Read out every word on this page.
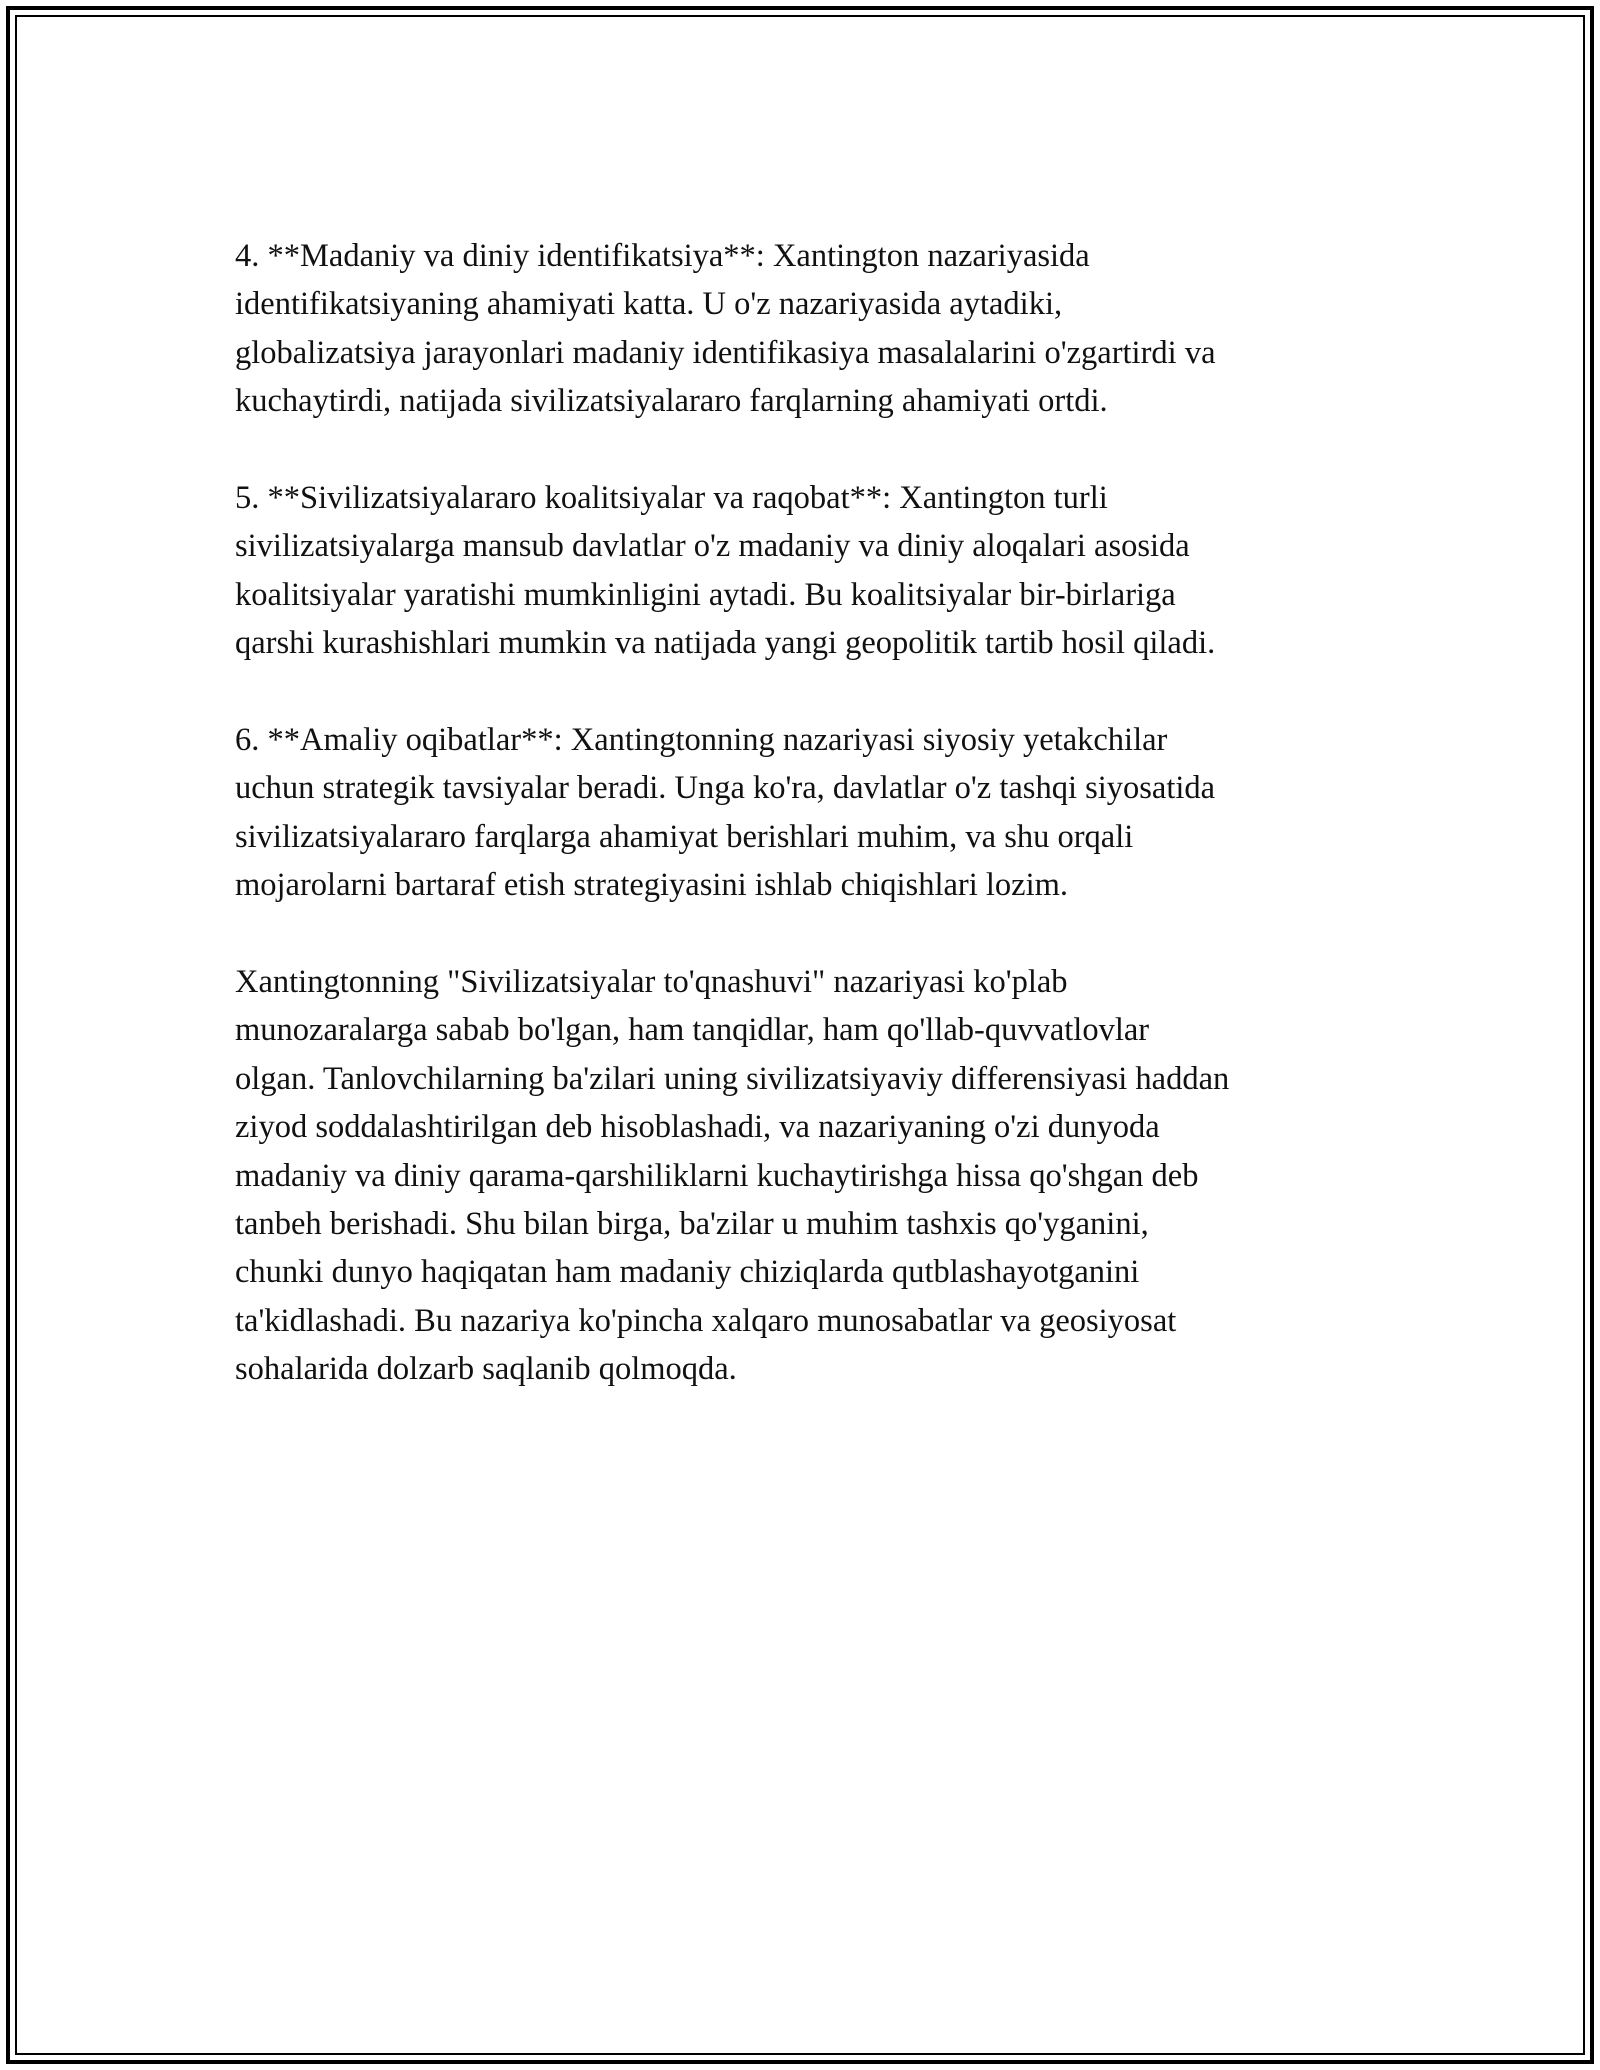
4. **Madaniy va diniy identifikatsiya**: Xantington nazariyasida
identifikatsiyaning ahamiyati katta. U o'z nazariyasida aytadiki,
globalizatsiya jarayonlari madaniy identifikasiya masalalarini o'zgartirdi va
kuchaytirdi, natijada sivilizatsiyalararo farqlarning ahamiyati ortdi.

5. **Sivilizatsiyalararo koalitsiyalar va raqobat**: Xantington turli
sivilizatsiyalarga mansub davlatlar o'z madaniy va diniy aloqalari asosida
koalitsiyalar yaratishi mumkinligini aytadi. Bu koalitsiyalar bir-birlariga
qarshi kurashishlari mumkin va natijada yangi geopolitik tartib hosil qiladi.

6. **Amaliy oqibatlar**: Xantingtonning nazariyasi siyosiy yetakchilar
uchun strategik tavsiyalar beradi. Unga ko'ra, davlatlar o'z tashqi siyosatida
sivilizatsiyalararo farqlarga ahamiyat berishlari muhim, va shu orqali
mojarolarni bartaraf etish strategiyasini ishlab chiqishlari lozim.

Xantingtonning "Sivilizatsiyalar to'qnashuvi" nazariyasi ko'plab
munozaralarga sabab bo'lgan, ham tanqidlar, ham qo'llab-quvvatlovlar
olgan. Tanlovchilarning ba'zilari uning sivilizatsiyaviy differensiyasi haddan
ziyod soddalashtirilgan deb hisoblashadi, va nazariyaning o'zi dunyoda
madaniy va diniy qarama-qarshiliklarni kuchaytirishga hissa qo'shgan deb
tanbeh berishadi. Shu bilan birga, ba'zilar u muhim tashxis qo'yganini,
chunki dunyo haqiqatan ham madaniy chiziqlarda qutblashayotganini
ta'kidlashadi. Bu nazariya ko'pincha xalqaro munosabatlar va geosiyosat
sohalarida dolzarb saqlanib qolmoqda.
